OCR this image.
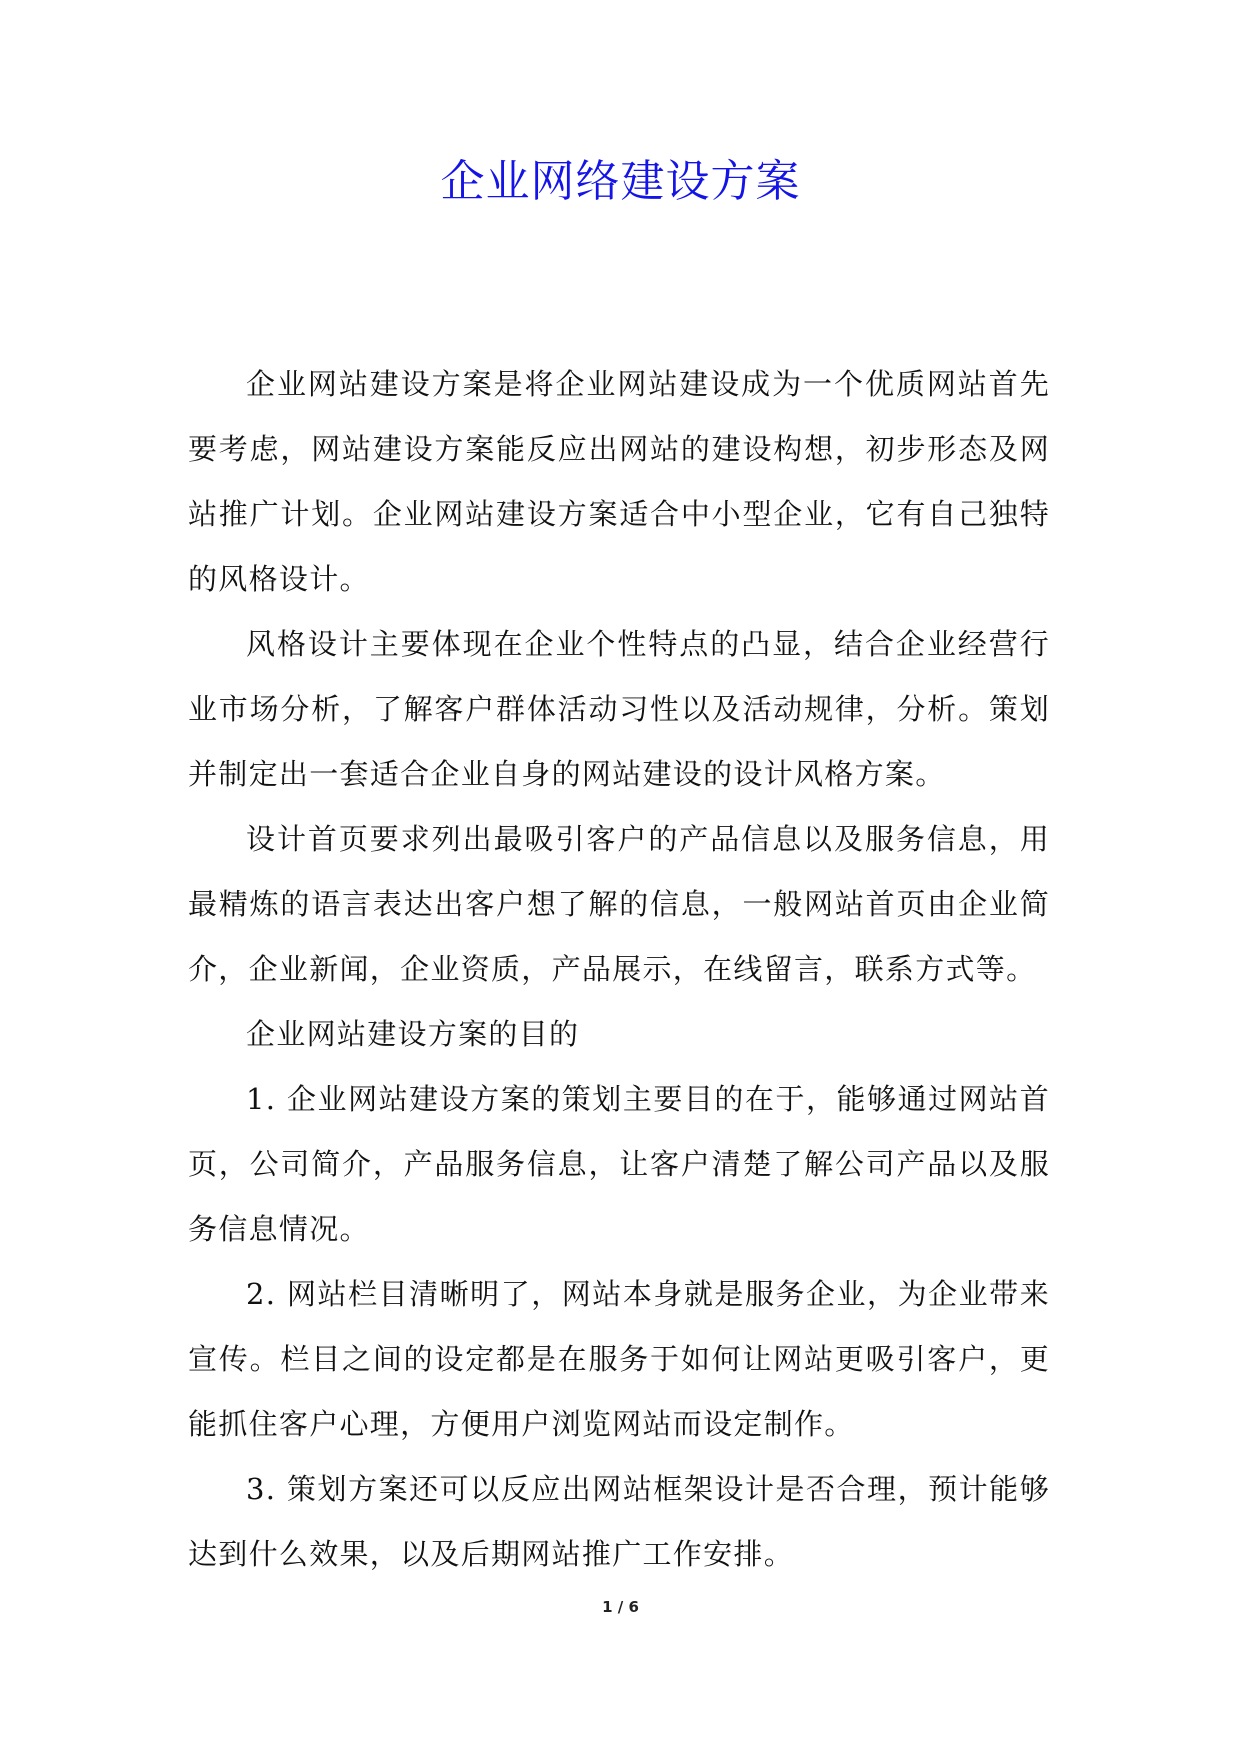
企业网络建设方案

企业网站建设方案是将企业网站建设成为一个优质网站首先要考虑，网站建设方案能反应出网站的建设构想，初步形态及网站推广计划。企业网站建设方案适合中小型企业，它有自己独特的风格设计。

风格设计主要体现在企业个性特点的凸显，结合企业经营行业市场分析，了解客户群体活动习性以及活动规律，分析。策划并制定出一套适合企业自身的网站建设的设计风格方案。

设计首页要求列出最吸引客户的产品信息以及服务信息，用最精炼的语言表达出客户想了解的信息，一般网站首页由企业简介，企业新闻，企业资质，产品展示，在线留言，联系方式等。

企业网站建设方案的目的

1. 企业网站建设方案的策划主要目的在于，能够通过网站首页，公司简介，产品服务信息，让客户清楚了解公司产品以及服务信息情况。

2. 网站栏目清晰明了，网站本身就是服务企业，为企业带来宣传。栏目之间的设定都是在服务于如何让网站更吸引客户，更能抓住客户心理，方便用户浏览网站而设定制作。

3. 策划方案还可以反应出网站框架设计是否合理，预计能够达到什么效果，以及后期网站推广工作安排。

1 / 6
